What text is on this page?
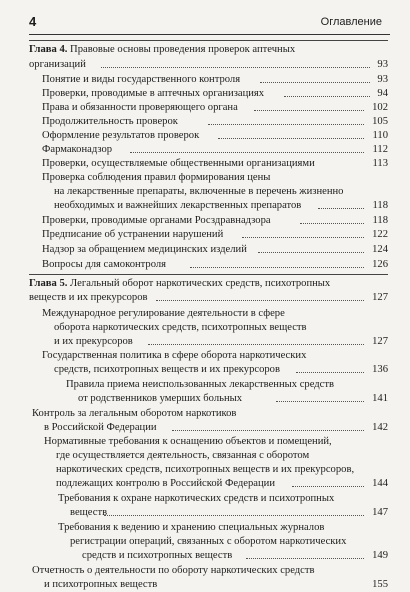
4	Оглавление
Глава 4. Правовые основы проведения проверок аптечных
организаций	93
Понятие и виды государственного контроля	93
Проверки, проводимые в аптечных организациях	94
Права и обязанности проверяющего органа	102
Продолжительность проверок	105
Оформление результатов проверок	110
Фармаконадзор	112
Проверки, осуществляемые общественными организациями	113
Проверка соблюдения правил формирования цены
на лекарственные препараты, включенные в перечень жизненно
необходимых и важнейших лекарственных препаратов	118
Проверки, проводимые органами Росздравнадзора	118
Предписание об устранении нарушений	122
Надзор за обращением медицинских изделий	124
Вопросы для самоконтроля	126
Глава 5. Легальный оборот наркотических средств, психотропных
веществ и их прекурсоров	127
Международное регулирование деятельности в сфере
оборота наркотических средств, психотропных веществ
и их прекурсоров	127
Государственная политика в сфере оборота наркотических
средств, психотропных веществ и их прекурсоров	136
Правила приема неиспользованных лекарственных средств
от родственников умерших больных	141
Контроль за легальным оборотом наркотиков
в Российской Федерации	142
Нормативные требования к оснащению объектов и помещений,
где осуществляется деятельность, связанная с оборотом
наркотических средств, психотропных веществ и их прекурсоров,
подлежащих контролю в Российской Федерации	144
Требования к охране наркотических средств и психотропных
веществ	147
Требования к ведению и хранению специальных журналов
регистрации операций, связанных с оборотом наркотических
средств и психотропных веществ	149
Отчетность о деятельности по обороту наркотических средств
и психотропных веществ	155
